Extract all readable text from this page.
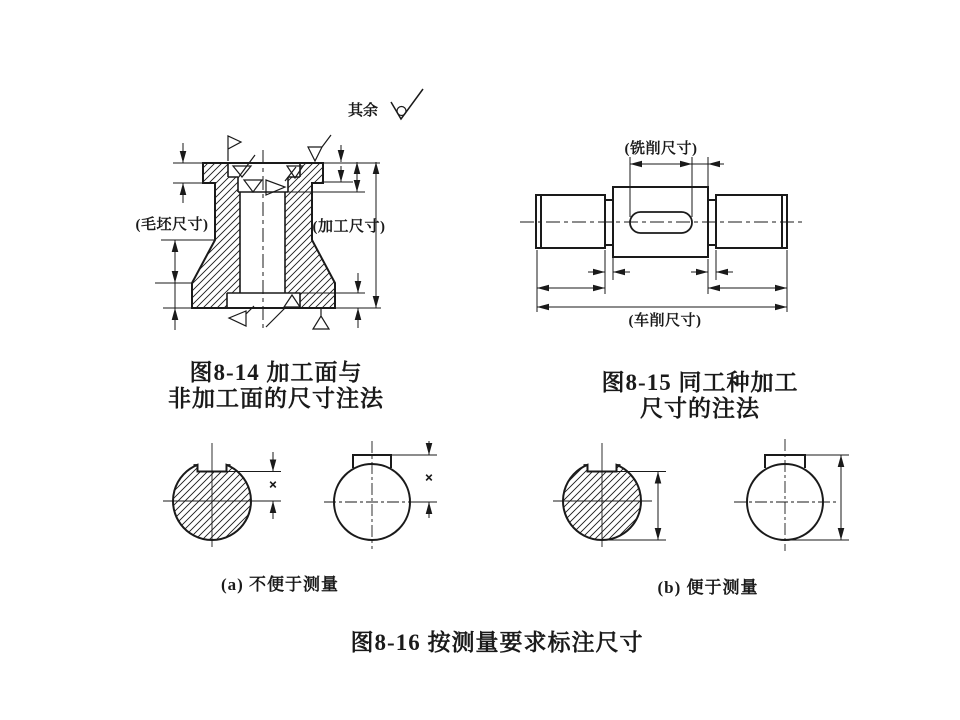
其余
(毛坯尺寸)	(加工尺寸)
(铣削尺寸)
(车削尺寸)
图8-14 加工面与
非加工面的尺寸注法
图8-15 同工种加工
尺寸的注法
×	×
(a) 不便于测量	(b) 便于测量
图8-16 按测量要求标注尺寸
